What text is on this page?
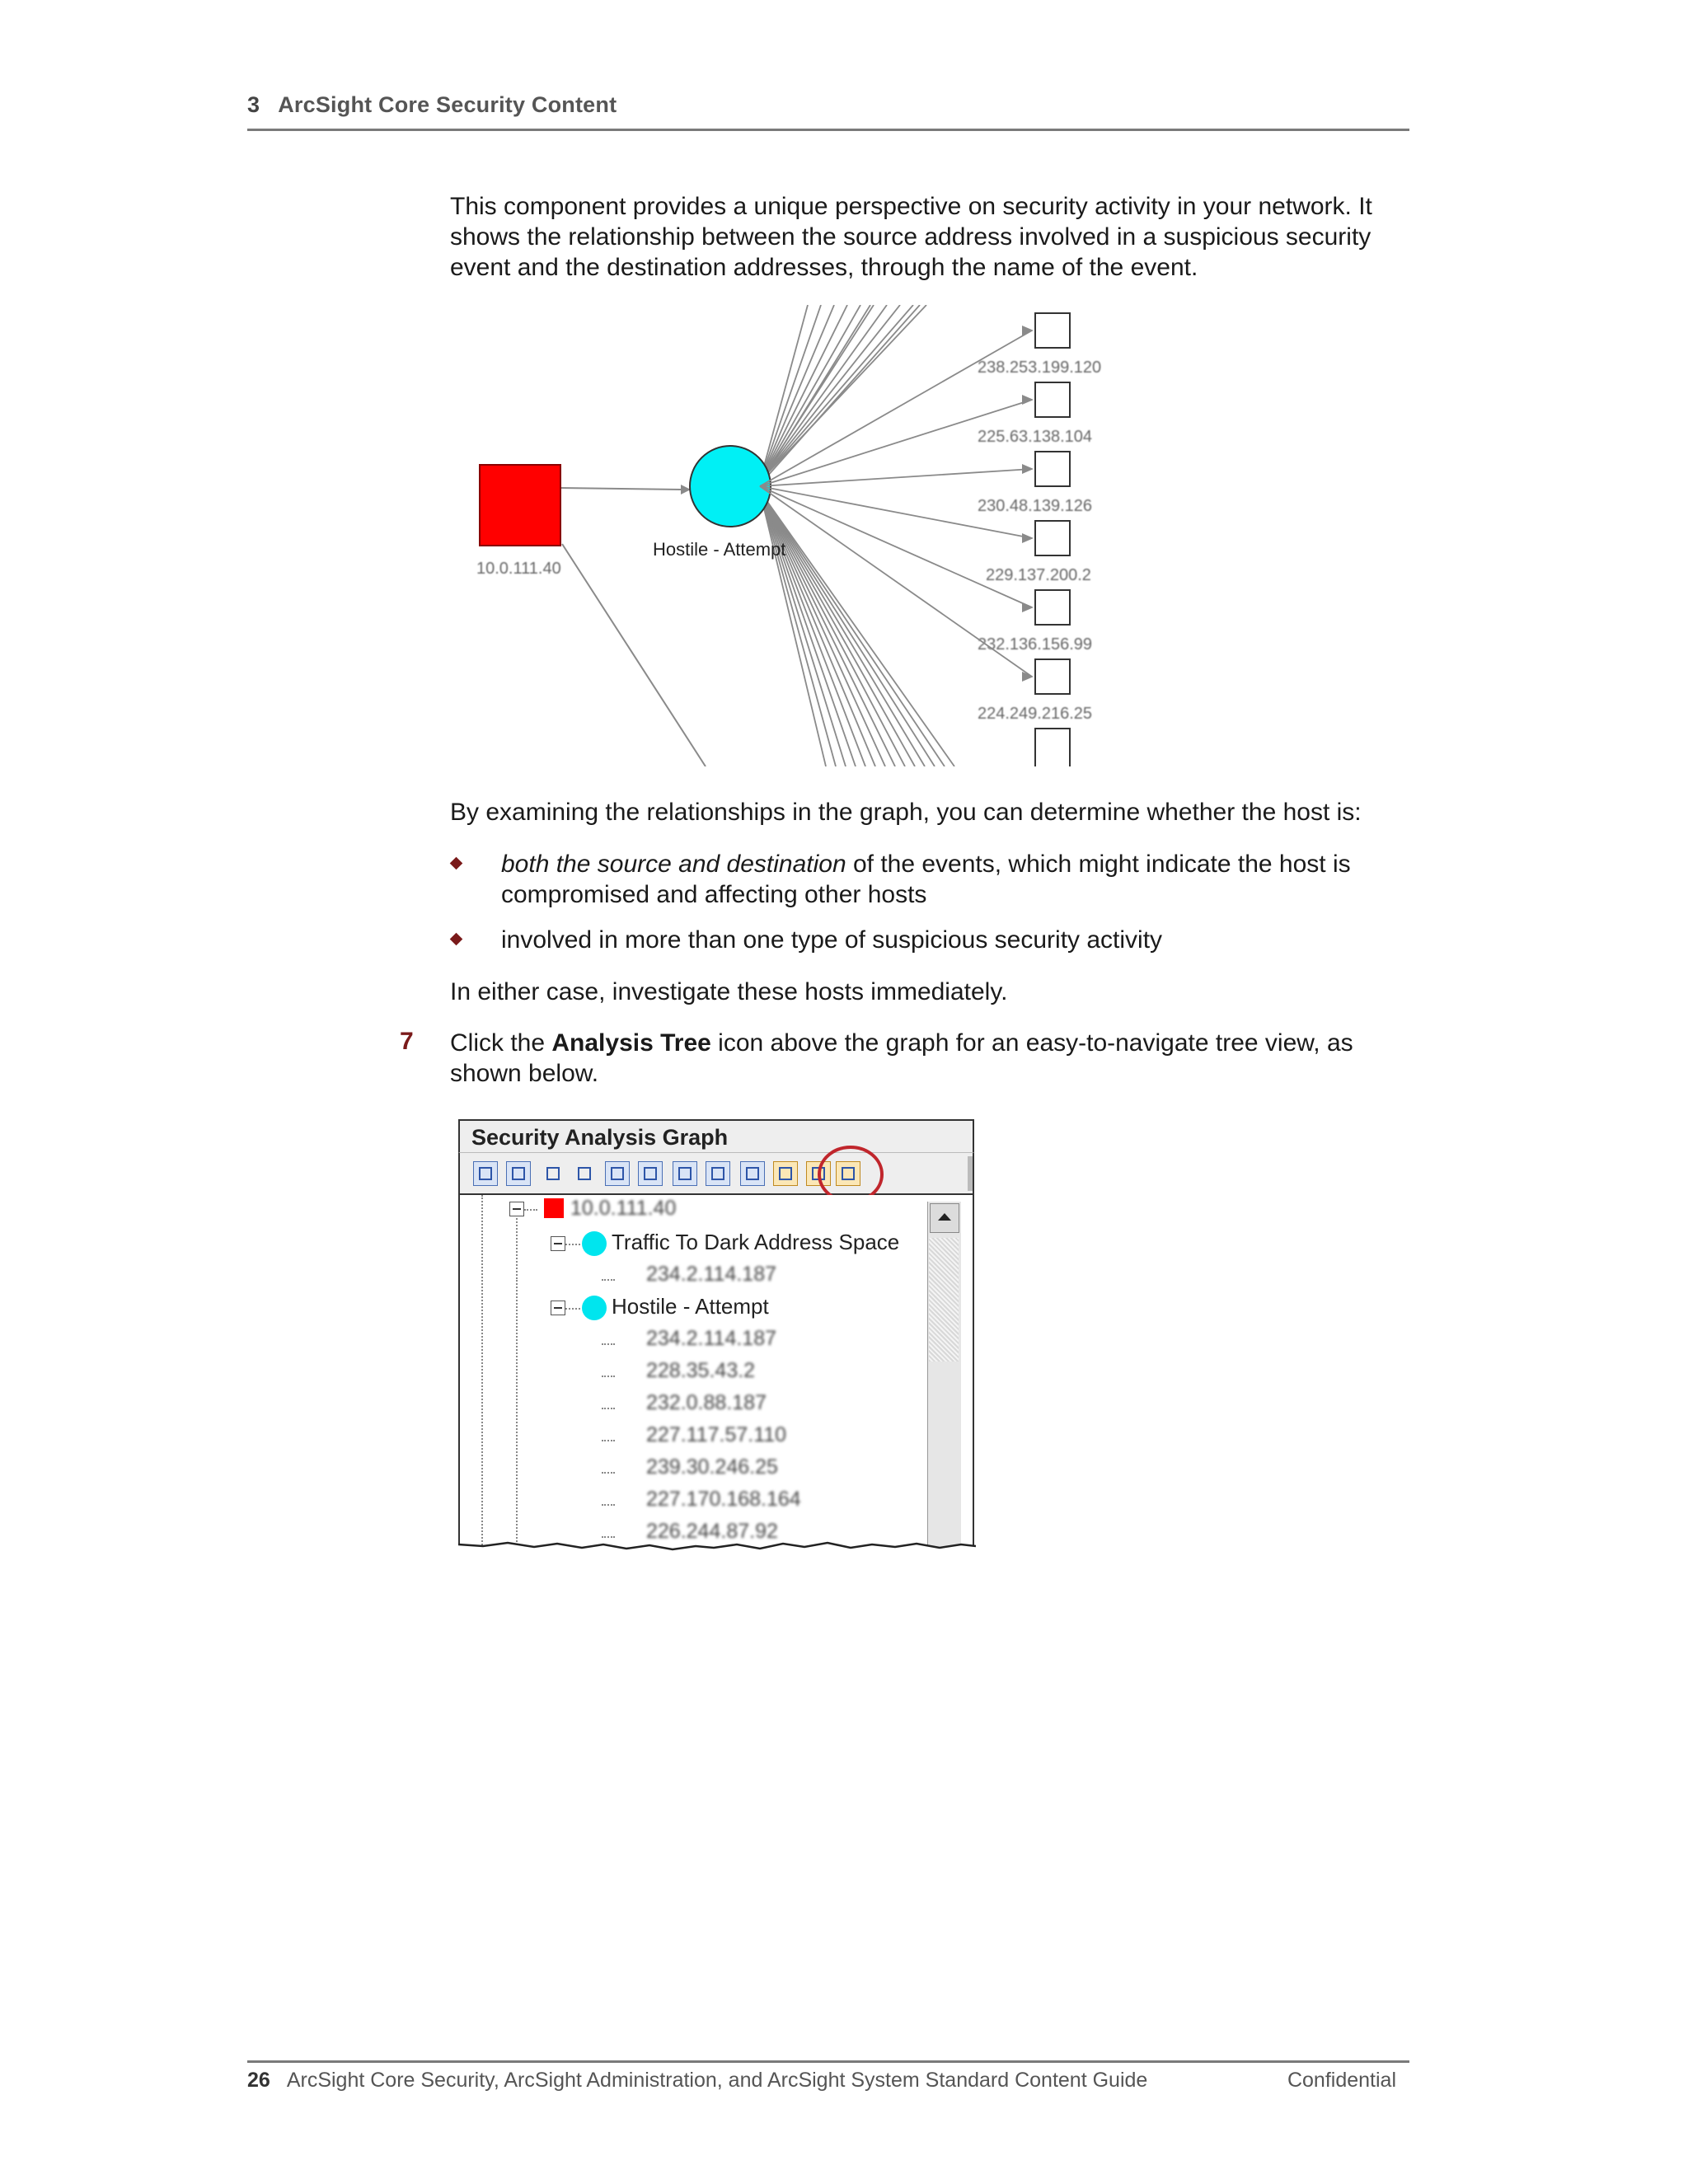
3 ArcSight Core Security Content
This component provides a unique perspective on security activity in your network. It
shows the relationship between the source address involved in a suspicious security
event and the destination addresses, through the name of the event.
10.0.111.40
Hostile - Attempt
238.253.199.120
225.63.138.104
230.48.139.126
229.137.200.2
232.136.156.99
224.249.216.25
By examining the relationships in the graph, you can determine whether the host is:
both the source and destination of the events, which might indicate the host is
compromised and affecting other hosts
involved in more than one type of suspicious security activity
In either case, investigate these hosts immediately.
7 Click the Analysis Tree icon above the graph for an easy-to-navigate tree view, as
shown below.
Security Analysis Graph
10.0.111.40
Traffic To Dark Address Space
234.2.114.187
Hostile - Attempt
234.2.114.187
228.35.43.2
232.0.88.187
227.117.57.110
239.30.246.25
227.170.168.164
226.244.87.92
26 ArcSight Core Security, ArcSight Administration, and ArcSight System Standard Content Guide	Confidential
